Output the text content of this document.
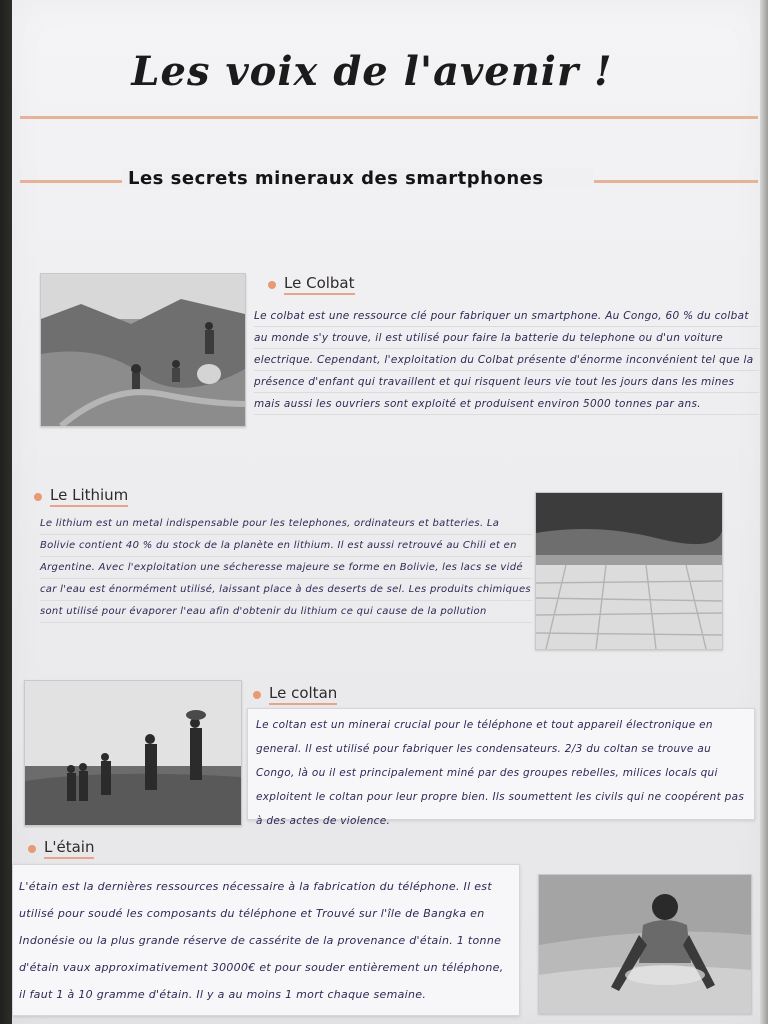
Les voix de l'avenir !
Les secrets mineraux des smartphones
Le Colbat
Le colbat est une ressource clé pour fabriquer un smartphone. Au Congo, 60 % du colbat au monde s'y trouve, il est utilisé pour faire la batterie du telephone ou d'un voiture electrique. Cependant, l'exploitation du Colbat présente d'énorme inconvénient tel que la présence d'enfant qui travaillent et qui risquent leurs vie tout les jours dans les mines mais aussi les ouvriers sont exploité et produisent environ 5000 tonnes par ans.
Le Lithium
Le lithium est un metal indispensable pour les telephones, ordinateurs et batteries. La Bolivie contient 40 % du stock de la planète en lithium. Il est aussi retrouvé au Chili et en Argentine. Avec l'exploitation une sécheresse majeure se forme en Bolivie, les lacs se vidé car l'eau est énormément utilisé, laissant place à des deserts de sel. Les produits chimiques sont utilisé pour évaporer l'eau afin d'obtenir du lithium ce qui cause de la pollution
Le coltan
Le coltan est un minerai crucial pour le téléphone et tout appareil électronique en general. Il est utilisé pour fabriquer les condensateurs. 2/3 du coltan se trouve au Congo, là ou il est principalement miné par des groupes rebelles, milices locals qui exploitent le coltan pour leur propre bien. Ils soumettent les civils qui ne coopérent pas à des actes de violence.
L'étain
L'étain est la dernières ressources nécessaire à la fabrication du téléphone. Il est utilisé pour soudé les composants du téléphone et Trouvé sur l'île de Bangka en Indonésie ou la plus grande réserve de cassérite de la provenance d'étain. 1 tonne d'étain vaux approximativement 30000€ et pour souder entièrement un téléphone, il faut 1 à 10 gramme d'étain. Il y a au moins 1 mort chaque semaine.
